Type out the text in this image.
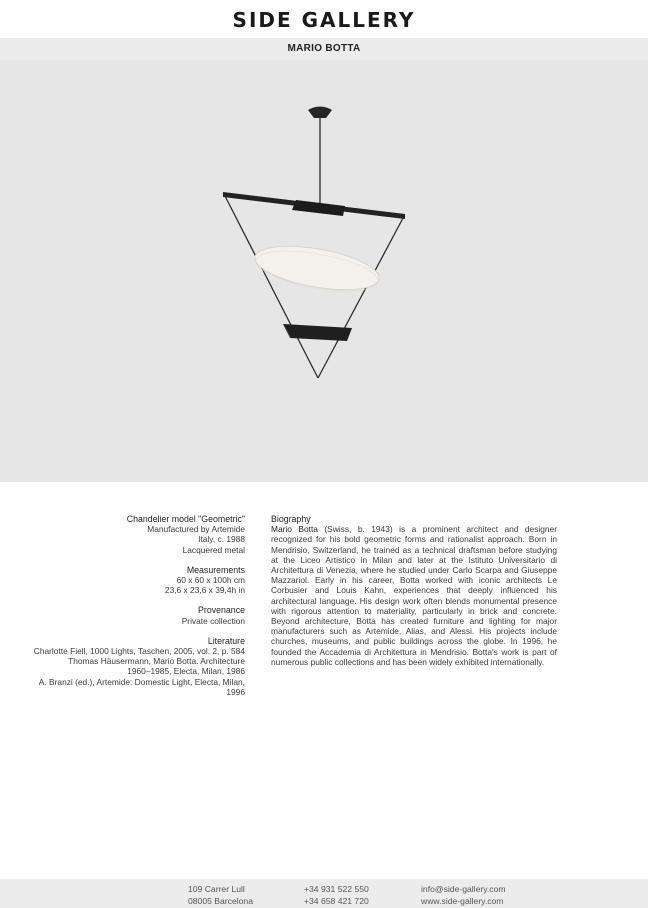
SIDE GALLERY
MARIO BOTTA
Chandelier model "Geometric"
Manufactured by Artemide
Italy, c. 1988
Lacquered metal
Measurements
60 x 60 x 100h cm
23,6 x 23,6 x 39,4h in
Provenance
Private collection
Literature
Charlotte Fiell, 1000 Lights, Taschen, 2005, vol. 2, p. 584
Thomas Häusermann, Mario Botta. Architecture
1960–1985, Electa, Milan, 1986
A. Branzi (ed.), Artemide: Domestic Light, Electa, Milan,
1996
Biography
Mario Botta (Swiss, b. 1943) is a prominent architect and designer recognized for his bold geometric forms and rationalist approach. Born in Mendrisio, Switzerland, he trained as a technical draftsman before studying at the Liceo Artistico in Milan and later at the Istituto Universitario di Architettura di Venezia, where he studied under Carlo Scarpa and Giuseppe Mazzariol. Early in his career, Botta worked with iconic architects Le Corbusier and Louis Kahn, experiences that deeply influenced his architectural language. His design work often blends monumental presence with rigorous attention to materiality, particularly in brick and concrete. Beyond architecture, Botta has created furniture and lighting for major manufacturers such as Artemide, Alias, and Alessi. His projects include churches, museums, and public buildings across the globe. In 1996, he founded the Accademia di Architettura in Mendrisio. Botta's work is part of numerous public collections and has been widely exhibited internationally.
109 Carrer Lull
08005 Barcelona
+34 931 522 550
+34 658 421 720
info@side-gallery.com
www.side-gallery.com
